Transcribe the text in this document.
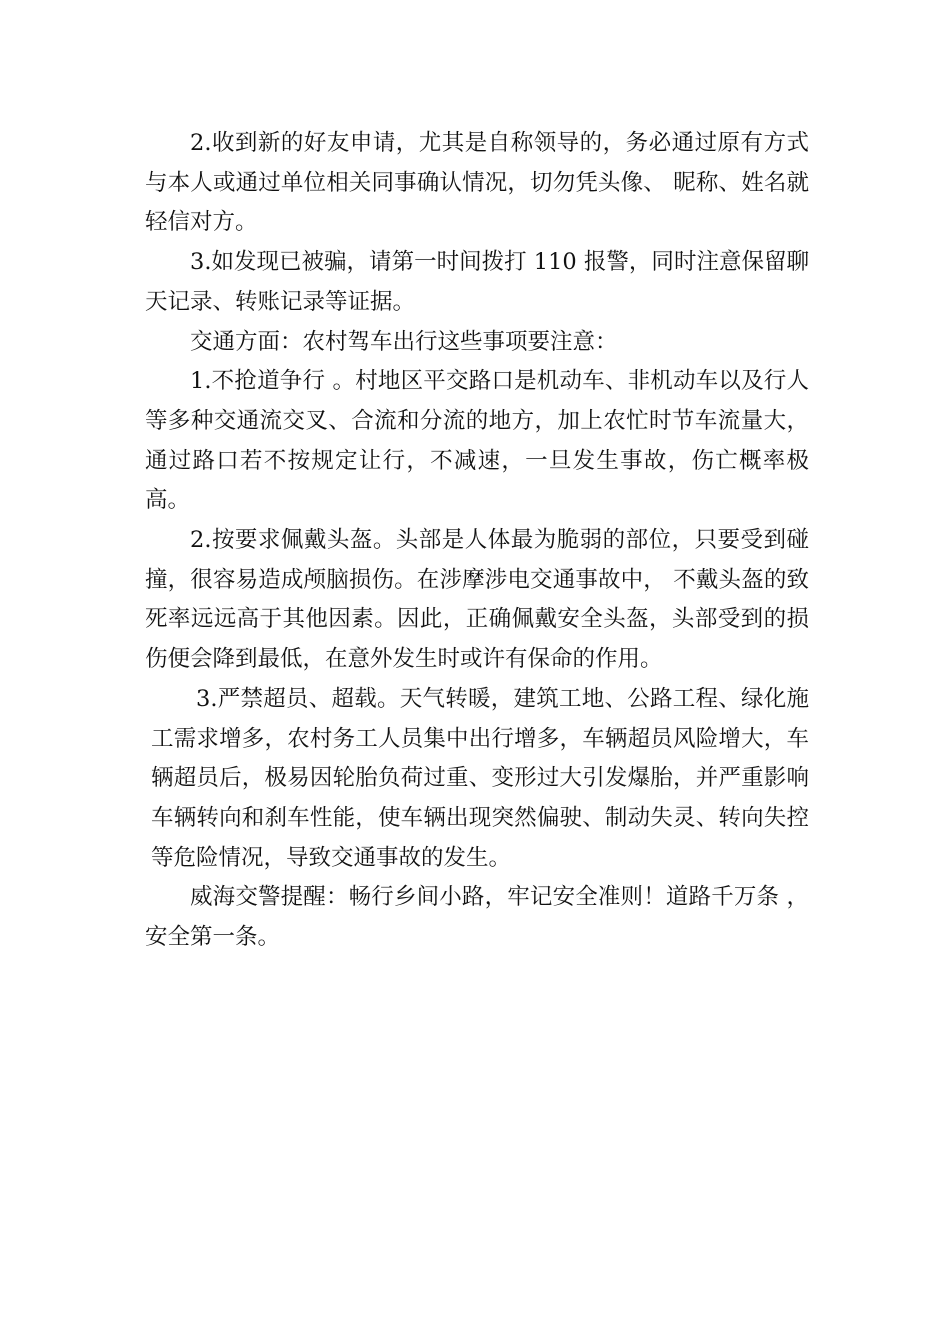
2.收到新的好友申请，尤其是自称领导的，务必通过原有方式与本人或通过单位相关同事确认情况，切勿凭头像、 昵称、姓名就轻信对方。

3.如发现已被骗，请第一时间拨打 110 报警，同时注意保留聊天记录、转账记录等证据。

交通方面：农村驾车出行这些事项要注意：

1.不抢道争行 。村地区平交路口是机动车、非机动车以及行人等多种交通流交叉、合流和分流的地方，加上农忙时节车流量大，通过路口若不按规定让行，不减速，一旦发生事故，伤亡概率极高。

2.按要求佩戴头盔。头部是人体最为脆弱的部位，只要受到碰撞，很容易造成颅脑损伤。在涉摩涉电交通事故中， 不戴头盔的致死率远远高于其他因素。因此，正确佩戴安全头盔，头部受到的损伤便会降到最低，在意外发生时或许有保命的作用。

3.严禁超员、超载。天气转暖，建筑工地、公路工程、绿化施工需求增多，农村务工人员集中出行增多，车辆超员风险增大，车辆超员后，极易因轮胎负荷过重、变形过大引发爆胎，并严重影响车辆转向和刹车性能，使车辆出现突然偏驶、制动失灵、转向失控等危险情况，导致交通事故的发生。

威海交警提醒：畅行乡间小路，牢记安全准则！道路千万条 ，安全第一条。
